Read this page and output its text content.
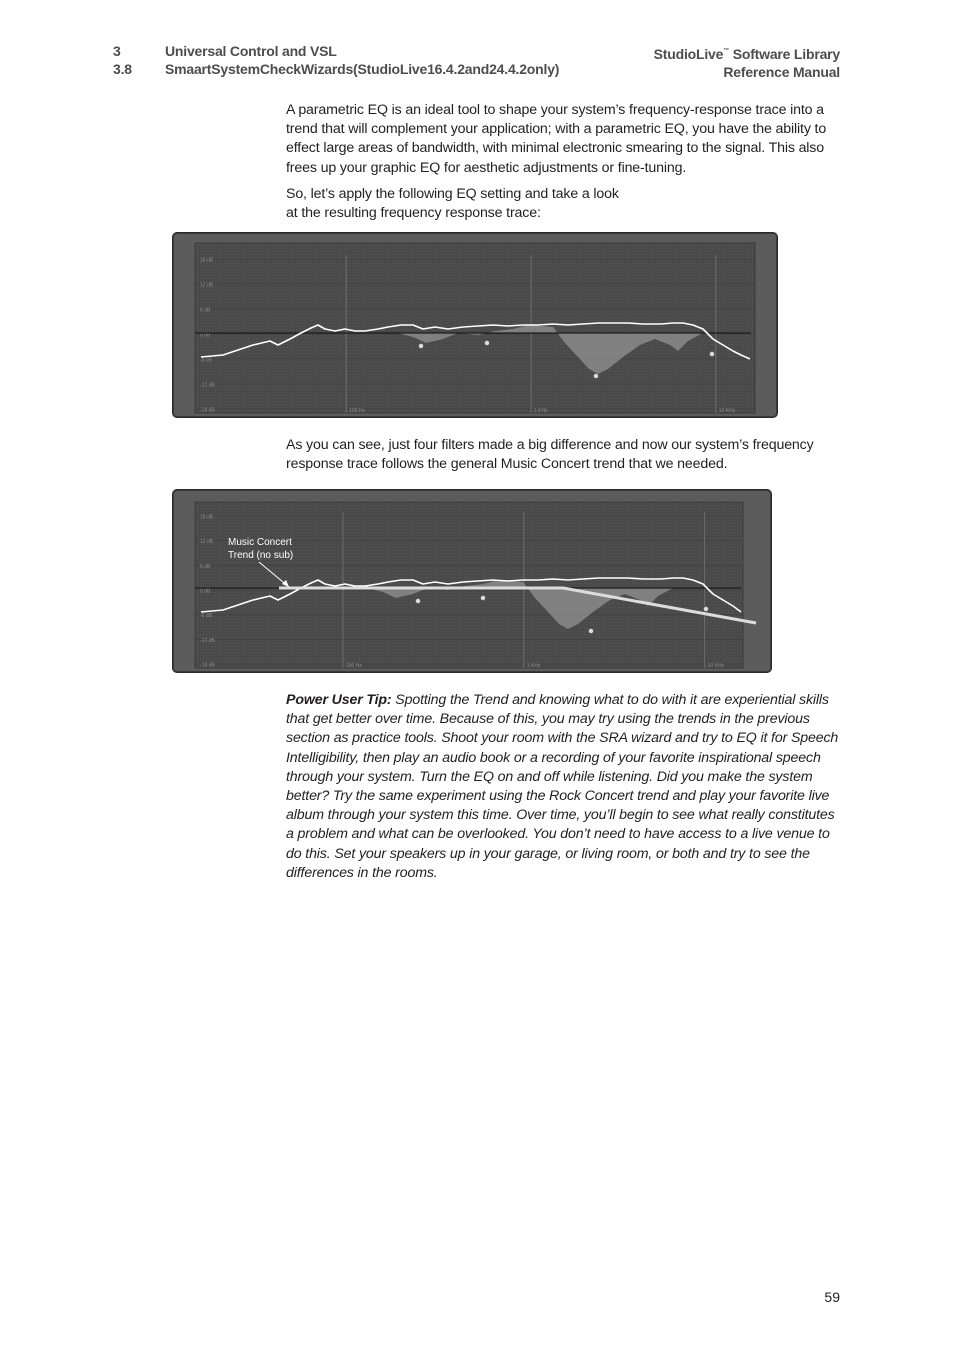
3
3.8
Universal Control and VSL
SmaartSystemCheckWizards(StudioLive16.4.2and24.4.2only)
StudioLive™ Software Library
Reference Manual

A parametric EQ is an ideal tool to shape your system’s frequency-response trace into a trend that will complement your application; with a parametric EQ, you have the ability to effect large areas of bandwidth, with minimal electronic smearing to the signal. This also frees up your graphic EQ for aesthetic adjustments or fine-tuning.

So, let’s apply the following EQ setting and take a look
at the resulting frequency response trace:

18 dB
12 dB
6 dB
0 dB
-6 dB
-12 dB
-18 dB	100 Hz	1 KHz	10 KHz

As you can see, just four filters made a big difference and now our system’s frequency response trace follows the general Music Concert trend that we needed.

18 dB
12 dB
6 dB
0 dB
-6 dB
-12 dB
-18 dB	100 Hz	1 KHz	10 KHz
Music Concert
Trend (no sub)

Power User Tip: Spotting the Trend and knowing what to do with it are experiential skills that get better over time. Because of this, you may try using the trends in the previous section as practice tools. Shoot your room with the SRA wizard and try to EQ it for Speech Intelligibility, then play an audio book or a recording of your favorite inspirational speech through your system. Turn the EQ on and off while listening. Did you make the system better? Try the same experiment using the Rock Concert trend and play your favorite live album through your system this time. Over time, you’ll begin to see what really constitutes a problem and what can be overlooked. You don’t need to have access to a live venue to do this. Set your speakers up in your garage, or living room, or both and try to see the differences in the rooms.

59
